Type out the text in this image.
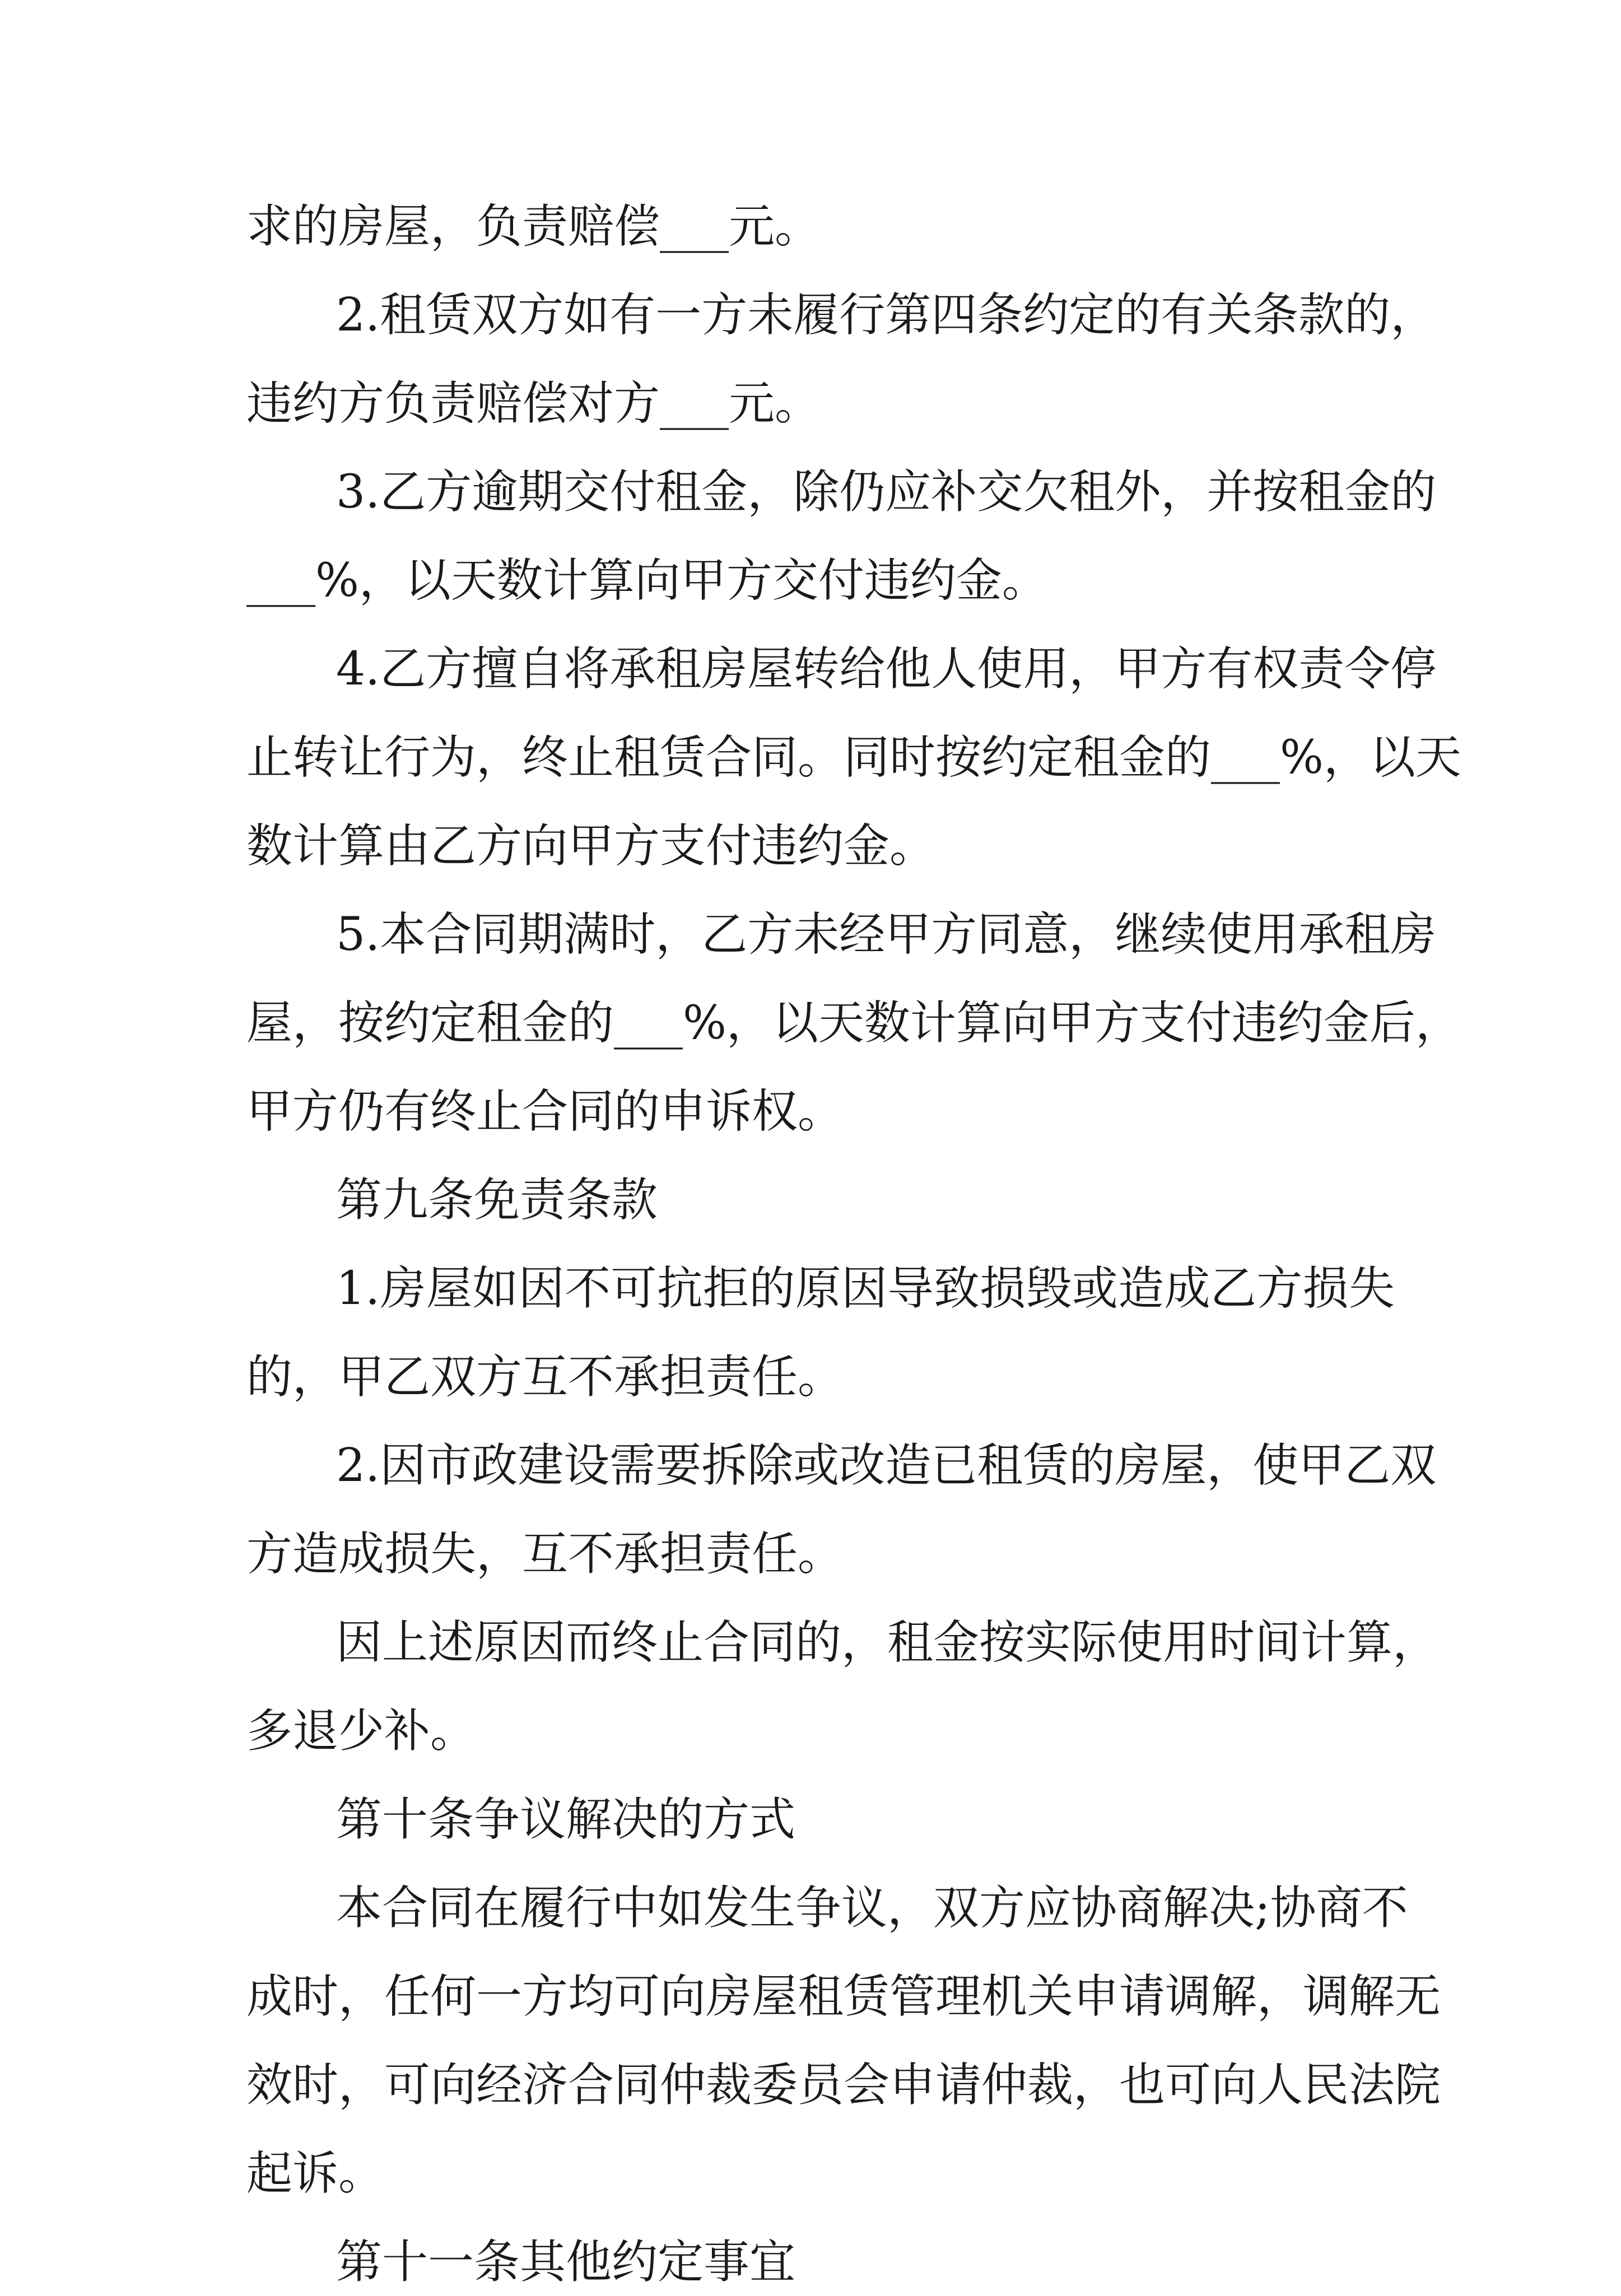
求的房屋，负责赔偿___元。
2.租赁双方如有一方未履行第四条约定的有关条款的，
违约方负责赔偿对方___元。
3.乙方逾期交付租金，除仍应补交欠租外，并按租金的
___%，以天数计算向甲方交付违约金。
4.乙方擅自将承租房屋转给他人使用，甲方有权责令停
止转让行为，终止租赁合同。同时按约定租金的___%，以天
数计算由乙方向甲方支付违约金。
5.本合同期满时，乙方未经甲方同意，继续使用承租房
屋，按约定租金的___%，以天数计算向甲方支付违约金后，
甲方仍有终止合同的申诉权。
第九条免责条款
1.房屋如因不可抗拒的原因导致损毁或造成乙方损失
的，甲乙双方互不承担责任。
2.因市政建设需要拆除或改造已租赁的房屋，使甲乙双
方造成损失，互不承担责任。
因上述原因而终止合同的，租金按实际使用时间计算，
多退少补。
第十条争议解决的方式
本合同在履行中如发生争议，双方应协商解决;协商不
成时，任何一方均可向房屋租赁管理机关申请调解，调解无
效时，可向经济合同仲裁委员会申请仲裁，也可向人民法院
起诉。
第十一条其他约定事宜
